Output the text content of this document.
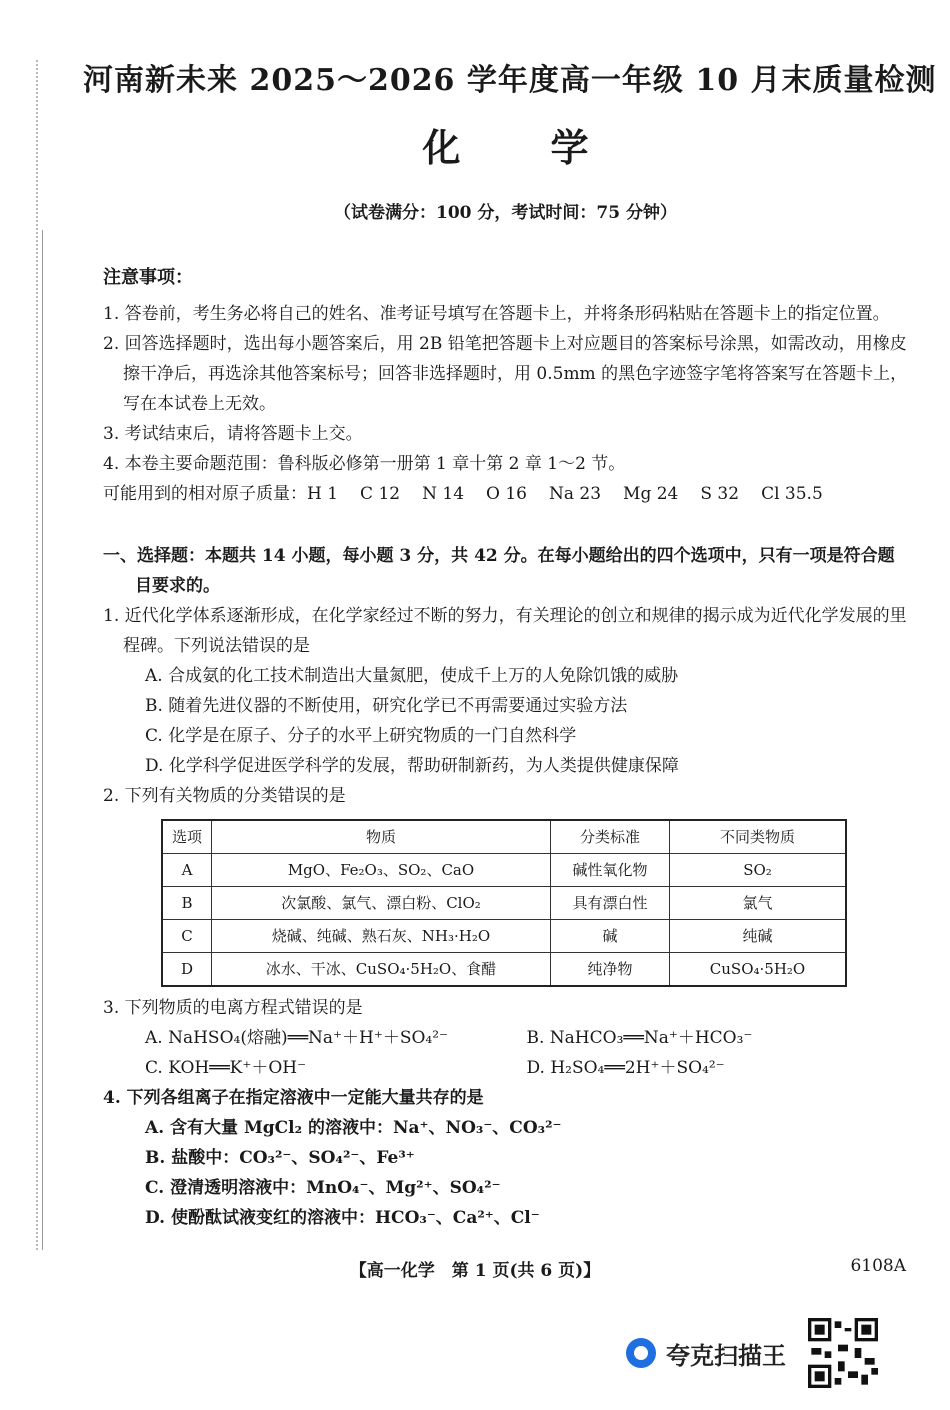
河南新未来 2025～2026 学年度高一年级 10 月末质量检测
化学
（试卷满分：100 分，考试时间：75 分钟）
注意事项：
1. 答卷前，考生务必将自己的姓名、准考证号填写在答题卡上，并将条形码粘贴在答题卡上的指定位置。
2. 回答选择题时，选出每小题答案后，用 2B 铅笔把答题卡上对应题目的答案标号涂黑，如需改动，用橡皮擦干净后，再选涂其他答案标号；回答非选择题时，用 0.5mm 的黑色字迹签字笔将答案写在答题卡上，写在本试卷上无效。
3. 考试结束后，请将答题卡上交。
4. 本卷主要命题范围：鲁科版必修第一册第 1 章十第 2 章 1～2 节。
可能用到的相对原子质量：H 1 C 12 N 14 O 16 Na 23 Mg 24 S 32 Cl 35.5
一、选择题：本题共 14 小题，每小题 3 分，共 42 分。在每小题给出的四个选项中，只有一项是符合题目要求的。
1. 近代化学体系逐渐形成，在化学家经过不断的努力，有关理论的创立和规律的揭示成为近代化学发展的里程碑。下列说法错误的是
A. 合成氨的化工技术制造出大量氮肥，使成千上万的人免除饥饿的威胁
B. 随着先进仪器的不断使用，研究化学已不再需要通过实验方法
C. 化学是在原子、分子的水平上研究物质的一门自然科学
D. 化学科学促进医学科学的发展，帮助研制新药，为人类提供健康保障
2. 下列有关物质的分类错误的是
选项	物质	分类标准	不同类物质
A	MgO、Fe₂O₃、SO₂、CaO	碱性氧化物	SO₂
B	次氯酸、氯气、漂白粉、ClO₂	具有漂白性	氯气
C	烧碱、纯碱、熟石灰、NH₃·H₂O	碱	纯碱
D	冰水、干冰、CuSO₄·5H₂O、食醋	纯净物	CuSO₄·5H₂O
3. 下列物质的电离方程式错误的是
A. NaHSO₄(熔融)══Na⁺＋H⁺＋SO₄²⁻	B. NaHCO₃══Na⁺＋HCO₃⁻
C. KOH══K⁺＋OH⁻	D. H₂SO₄══2H⁺＋SO₄²⁻
4. 下列各组离子在指定溶液中一定能大量共存的是
A. 含有大量 MgCl₂ 的溶液中：Na⁺、NO₃⁻、CO₃²⁻
B. 盐酸中：CO₃²⁻、SO₄²⁻、Fe³⁺
C. 澄清透明溶液中：MnO₄⁻、Mg²⁺、SO₄²⁻
D. 使酚酞试液变红的溶液中：HCO₃⁻、Ca²⁺、Cl⁻
【高一化学　第 1 页(共 6 页)】	6108A
夸克扫描王
